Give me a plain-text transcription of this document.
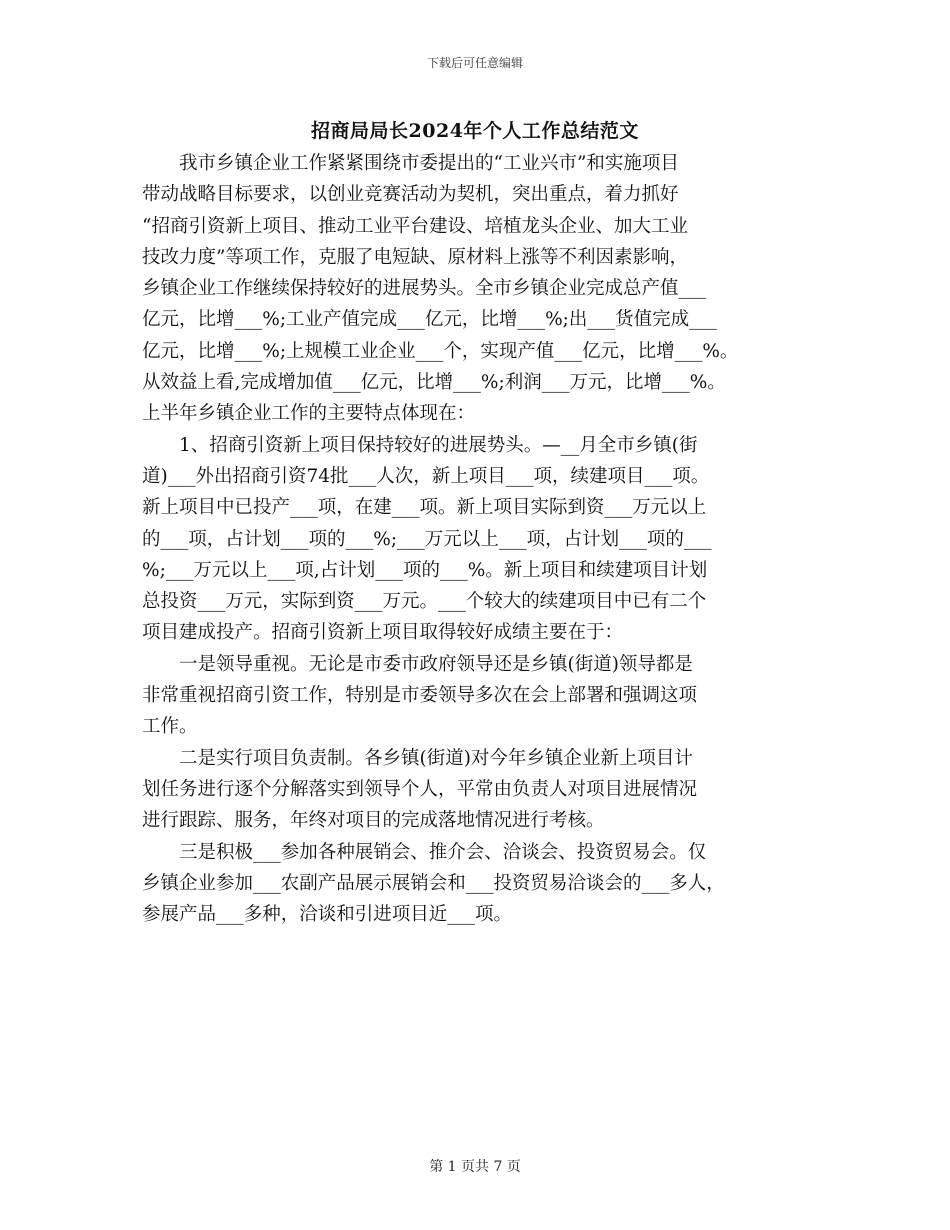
下载后可任意编辑
招商局局长2024年个人工作总结范文

我市乡镇企业工作紧紧围绕市委提出的“工业兴市”和实施项目
带动战略目标要求，以创业竞赛活动为契机，突出重点，着力抓好
“招商引资新上项目、推动工业平台建设、培植龙头企业、加大工业
技改力度”等项工作，克服了电短缺、原材料上涨等不利因素影响，
乡镇企业工作继续保持较好的进展势头。全市乡镇企业完成总产值___
亿元，比增___%;工业产值完成___亿元，比增___%;出___货值完成___
亿元，比增___%;上规模工业企业___个，实现产值___亿元，比增___%。
从效益上看,完成增加值___亿元，比增___%;利润___万元，比增___%。
上半年乡镇企业工作的主要特点体现在：

1、招商引资新上项目保持较好的进展势头。—__月全市乡镇(街
道)___外出招商引资74批___人次，新上项目___项，续建项目___项。
新上项目中已投产___项，在建___项。新上项目实际到资___万元以上
的___项，占计划___项的___%;___万元以上___项，占计划___项的___
%;___万元以上___项,占计划___项的___%。新上项目和续建项目计划
总投资___万元，实际到资___万元。___个较大的续建项目中已有二个
项目建成投产。招商引资新上项目取得较好成绩主要在于：

一是领导重视。无论是市委市政府领导还是乡镇(街道)领导都是
非常重视招商引资工作，特别是市委领导多次在会上部署和强调这项
工作。

二是实行项目负责制。各乡镇(街道)对今年乡镇企业新上项目计
划任务进行逐个分解落实到领导个人，平常由负责人对项目进展情况
进行跟踪、服务，年终对项目的完成落地情况进行考核。

三是积极___参加各种展销会、推介会、洽谈会、投资贸易会。仅
乡镇企业参加___农副产品展示展销会和___投资贸易洽谈会的___多人，
参展产品___多种，洽谈和引进项目近___项。

第 1 页共 7 页
